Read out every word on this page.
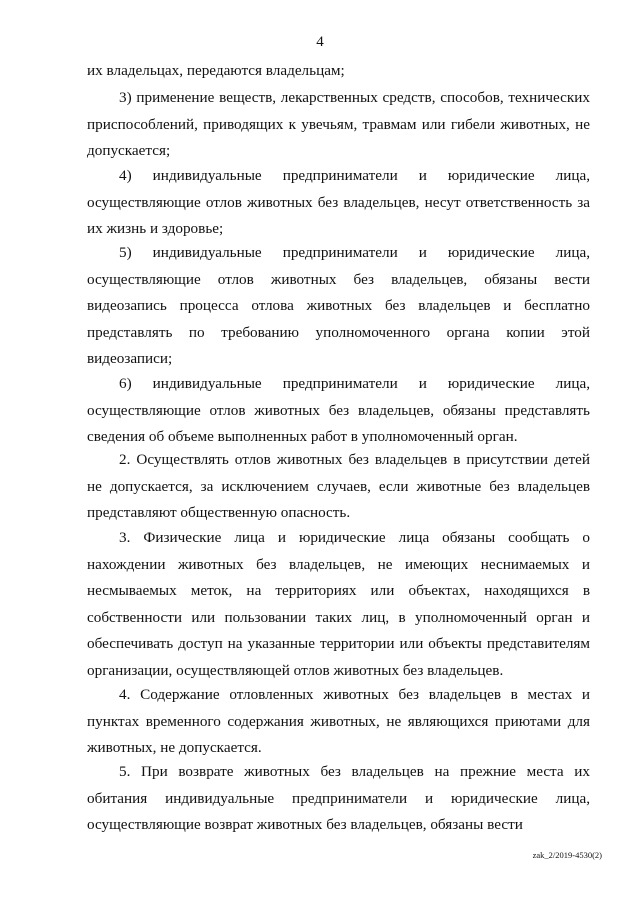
4

их владельцах, передаются владельцам;

3) применение веществ, лекарственных средств, способов, технических приспособлений, приводящих к увечьям, травмам или гибели животных, не допускается;

4) индивидуальные предприниматели и юридические лица, осуществляющие отлов животных без владельцев, несут ответственность за их жизнь и здоровье;

5) индивидуальные предприниматели и юридические лица, осуществляющие отлов животных без владельцев, обязаны вести видеозапись процесса отлова животных без владельцев и бесплатно представлять по требованию уполномоченного органа копии этой видеозаписи;

6) индивидуальные предприниматели и юридические лица, осуществляющие отлов животных без владельцев, обязаны представлять сведения об объеме выполненных работ в уполномоченный орган.

2. Осуществлять отлов животных без владельцев в присутствии детей не допускается, за исключением случаев, если животные без владельцев представляют общественную опасность.

3. Физические лица и юридические лица обязаны сообщать о нахождении животных без владельцев, не имеющих неснимаемых и несмываемых меток, на территориях или объектах, находящихся в собственности или пользовании таких лиц, в уполномоченный орган и обеспечивать доступ на указанные территории или объекты представителям организации, осуществляющей отлов животных без владельцев.

4. Содержание отловленных животных без владельцев в местах и пунктах временного содержания животных, не являющихся приютами для животных, не допускается.

5. При возврате животных без владельцев на прежние места их обитания индивидуальные предприниматели и юридические лица, осуществляющие возврат животных без владельцев, обязаны вести

zak_2/2019-4530(2)
